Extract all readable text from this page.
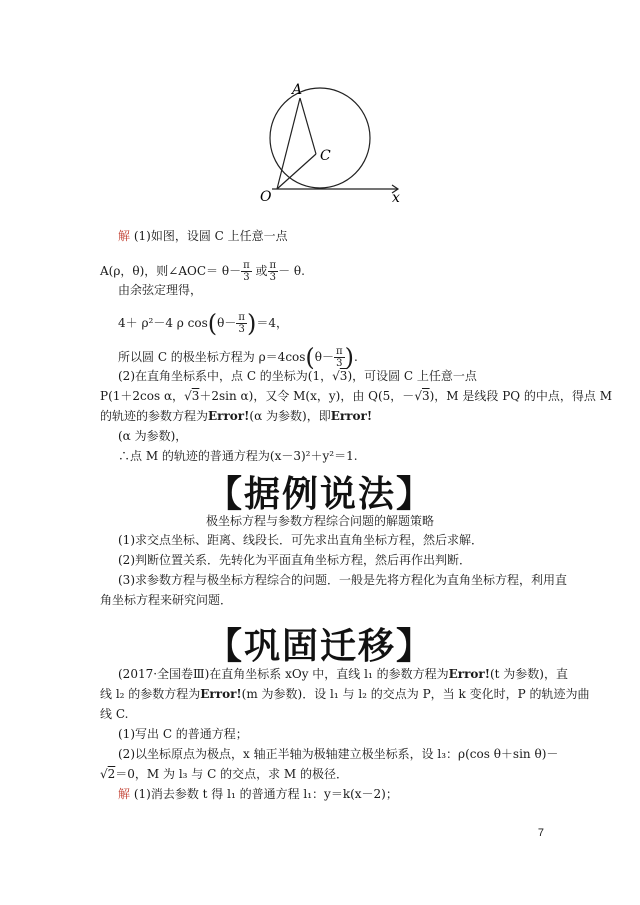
A
C
O	x
解 (1)如图，设圆 C 上任意一点
A(ρ，θ)，则∠AOC＝ $\theta- \frac{\pi}{3}$ 或 $\frac{\pi}{3} - \theta$.
由余弦定理得，
4＋ ρ²－4 ρ $\cos(\theta- \frac{\pi}{3} )=4$，
所以圆 C 的极坐标方程为 $\rho=4\cos(\theta- \frac{\pi}{3}$ ).
(2)在直角坐标系中，点 C 的坐标为(1，√3)，可设圆 C 上任意一点
P(1＋2cos α，√3＋2sin α)，又令 M(x，y)，由 Q(5，－√3)，M 是线段 PQ 的中点，得点 M
的轨迹的参数方程为Error!(α 为参数)，即Error!
(α 为参数)，
∴点 M 的轨迹的普通方程为(x－3)²＋y²＝1.
【据例说法】
极坐标方程与参数方程综合问题的解题策略
(1)求交点坐标、距离、线段长．可先求出直角坐标方程，然后求解．
(2)判断位置关系．先转化为平面直角坐标方程，然后再作出判断．
(3)求参数方程与极坐标方程综合的问题．一般是先将方程化为直角坐标方程，利用直
角坐标方程来研究问题．
【巩固迁移】
(2017·全国卷Ⅲ)在直角坐标系 xOy 中，直线 l₁ 的参数方程为Error!(t 为参数)，直
线 l₂ 的参数方程为Error!(m 为参数)．设 l₁ 与 l₂ 的交点为 P，当 k 变化时，P 的轨迹为曲
线 C.
(1)写出 C 的普通方程；
(2)以坐标原点为极点，x 轴正半轴为极轴建立极坐标系，设 l₃：ρ(cos θ＋sin θ)－
√2＝0，M 为 l₃ 与 C 的交点，求 M 的极径．
解 (1)消去参数 t 得 l₁ 的普通方程 l₁：y＝k(x－2)；
7
